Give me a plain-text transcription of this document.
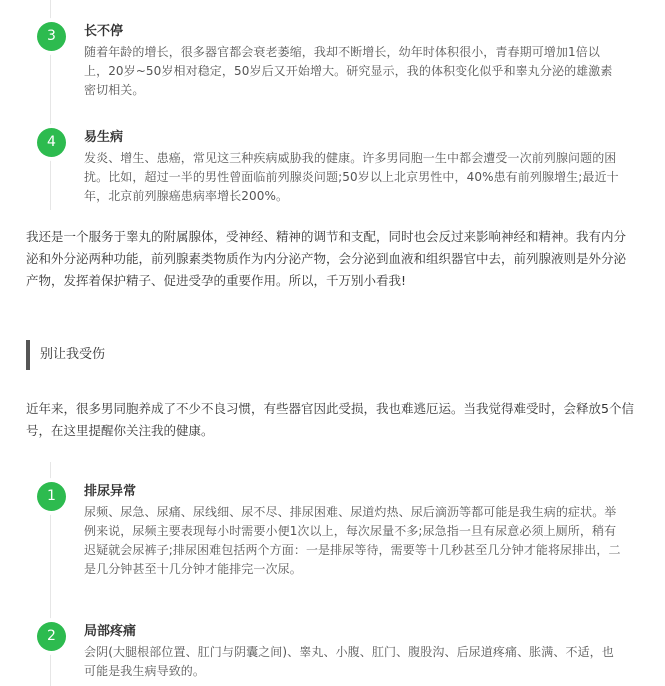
3	长不停

随着年龄的增长，很多器官都会衰老萎缩，我却不断增长，幼年时体积很小，青春期可增加1倍以上，20岁~50岁相对稳定，50岁后又开始增大。研究显示，我的体积变化似乎和睾丸分泌的雄激素密切相关。

4	易生病

发炎、增生、患癌，常见这三种疾病威胁我的健康。许多男同胞一生中都会遭受一次前列腺问题的困扰。比如，超过一半的男性曾面临前列腺炎问题;50岁以上北京男性中，40%患有前列腺增生;最近十年，北京前列腺癌患病率增长200%。

我还是一个服务于睾丸的附属腺体，受神经、精神的调节和支配，同时也会反过来影响神经和精神。我有内分泌和外分泌两种功能，前列腺素类物质作为内分泌产物，会分泌到血液和组织器官中去，前列腺液则是外分泌产物，发挥着保护精子、促进受孕的重要作用。所以，千万别小看我!

别让我受伤

近年来，很多男同胞养成了不少不良习惯，有些器官因此受损，我也难逃厄运。当我觉得难受时，会释放5个信号，在这里提醒你关注我的健康。

1	排尿异常

尿频、尿急、尿痛、尿线细、尿不尽、排尿困难、尿道灼热、尿后滴沥等都可能是我生病的症状。举例来说，尿频主要表现每小时需要小便1次以上，每次尿量不多;尿急指一旦有尿意必须上厕所，稍有迟疑就会尿裤子;排尿困难包括两个方面：一是排尿等待，需要等十几秒甚至几分钟才能将尿排出，二是几分钟甚至十几分钟才能排完一次尿。

2	局部疼痛

会阴(大腿根部位置、肛门与阴囊之间)、睾丸、小腹、肛门、腹股沟、后尿道疼痛、胀满、不适，也可能是我生病导致的。
